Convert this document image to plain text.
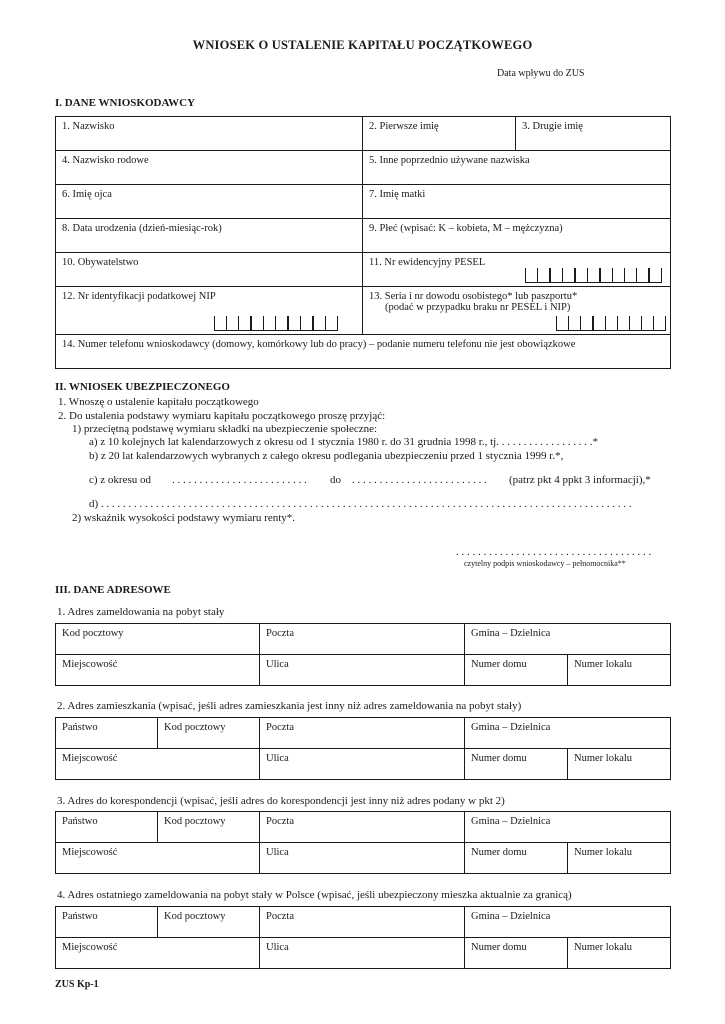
WNIOSEK O USTALENIE KAPITAŁU POCZĄTKOWEGO
Data wpływu do ZUS
I. DANE WNIOSKODAWCY
1. Nazwisko	2. Pierwsze imię	3. Drugie imię
4. Nazwisko rodowe	5. Inne poprzednio używane nazwiska	
6. Imię ojca	7. Imię matki	
8. Data urodzenia (dzień-miesiąc-rok)	9. Płeć (wpisać: K – kobieta, M – mężczyzna)	
10. Obywatelstwo	11. Nr ewidencyjny PESEL	
12. Nr identyfikacji podatkowej NIP	13. Seria i nr dowodu osobistego* lub paszportu*
(podać w przypadku braku nr PESEL i NIP)	

14. Numer telefonu wnioskodawcy (domowy, komórkowy lub do pracy) – podanie numeru telefonu nie jest obowiązkowe		
II. WNIOSEK UBEZPIECZONEGO
1. Wnoszę o ustalenie kapitału początkowego
2. Do ustalenia podstawy wymiaru kapitału początkowego proszę przyjąć:
1) przeciętną podstawę wymiaru składki na ubezpieczenie społeczne:
a) z 10 kolejnych lat kalendarzowych z okresu od 1 stycznia 1980 r. do 31 grudnia 1998 r., tj. . . . . . . . . . . . . . . . . .*
b) z 20 lat kalendarzowych wybranych z całego okresu podlegania ubezpieczeniu przed 1 stycznia 1999 r.*,
c) z okresu od . . . . . . . . . . . . . . . . . . . . . . . . . do . . . . . . . . . . . . . . . . . . . . . . . . . (patrz pkt 4 ppkt 3 informacji),*
d) . . . . . . . . . . . . . . . . . . . . . . . . . . . . . . . . . . . . . . . . . . . . . . . . . . . . . . . . . . . . . . . . . . . . . . . . . . . . . . . . . . . . . . . . . . . . . . . . .
2) wskaźnik wysokości podstawy wymiaru renty*.
. . . . . . . . . . . . . . . . . . . . . . . . . . . . . . . . . . . .
czytelny podpis wnioskodawcy – pełnomocnika**
III. DANE ADRESOWE
1. Adres zameldowania na pobyt stały
Kod pocztowy	Poczta	Gmina – Dzielnica	
Miejscowość	Ulica	Numer domu	Numer lokalu
2. Adres zamieszkania (wpisać, jeśli adres zamieszkania jest inny niż adres zameldowania na pobyt stały)
Państwo	Kod pocztowy	Poczta	Gmina – Dzielnica	
Miejscowość		Ulica	Numer domu	Numer lokalu
3. Adres do korespondencji (wpisać, jeśli adres do korespondencji jest inny niż adres podany w pkt 2)
Państwo	Kod pocztowy	Poczta	Gmina – Dzielnica	
Miejscowość		Ulica	Numer domu	Numer lokalu
4. Adres ostatniego zameldowania na pobyt stały w Polsce (wpisać, jeśli ubezpieczony mieszka aktualnie za granicą)
Państwo	Kod pocztowy	Poczta	Gmina – Dzielnica	
Miejscowość		Ulica	Numer domu	Numer lokalu
ZUS Kp-1
